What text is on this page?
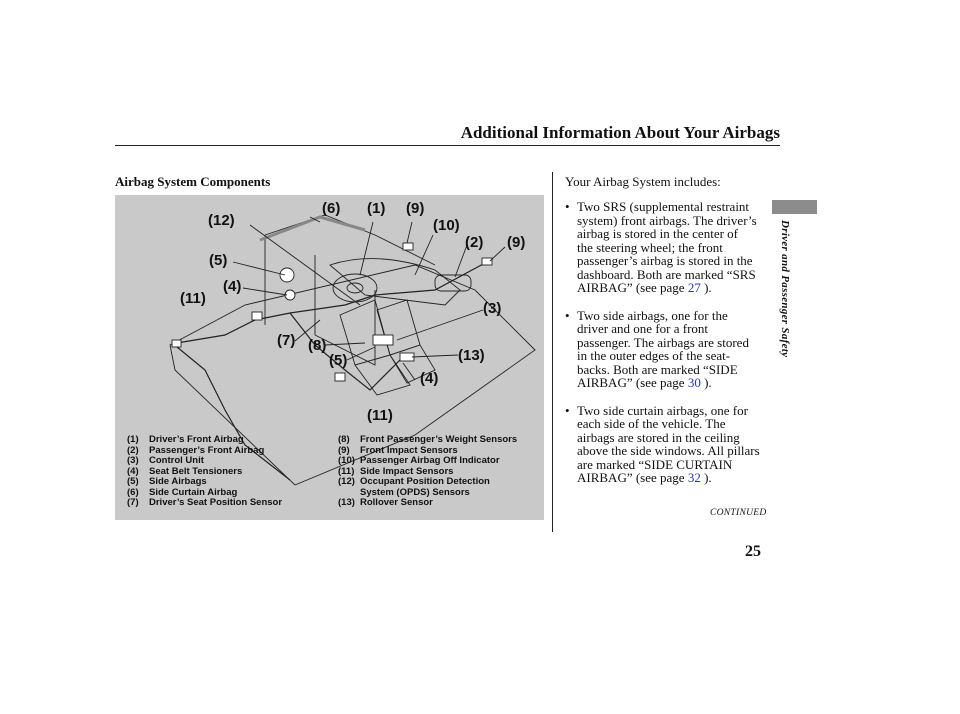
Additional Information About Your Airbags
Driver and Passenger Safety
Airbag System Components
(6) (1) (9)
(12)	(10)
(2) (9)
(5)
(4)
(11)
(3)
(7) (8)
(5)	(13)
(4)
(11)
(1)	Driver’s Front Airbag
(2)	Passenger’s Front Airbag
(3)	Control Unit
(4)	Seat Belt Tensioners
(5)	Side Airbags
(6)	Side Curtain Airbag
(7)	Driver’s Seat Position Sensor
(8)	Front Passenger’s Weight Sensors
(9)	Front Impact Sensors
(10) Passenger Airbag Off Indicator
(11) Side Impact Sensors
(12) Occupant Position Detection
System (OPDS) Sensors
(13) Rollover Sensor
Your Airbag System includes:
• Two SRS (supplemental restraint
system) front airbags. The driver’s
airbag is stored in the center of
the steering wheel; the front
passenger’s airbag is stored in the
dashboard. Both are marked “SRS
AIRBAG” (see page 27 ).
• Two side airbags, one for the
driver and one for a front
passenger. The airbags are stored
in the outer edges of the seat-
backs. Both are marked “SIDE
AIRBAG” (see page 30 ).
• Two side curtain airbags, one for
each side of the vehicle. The
airbags are stored in the ceiling
above the side windows. All pillars
are marked “SIDE CURTAIN
AIRBAG” (see page 32 ).
CONTINUED
25
